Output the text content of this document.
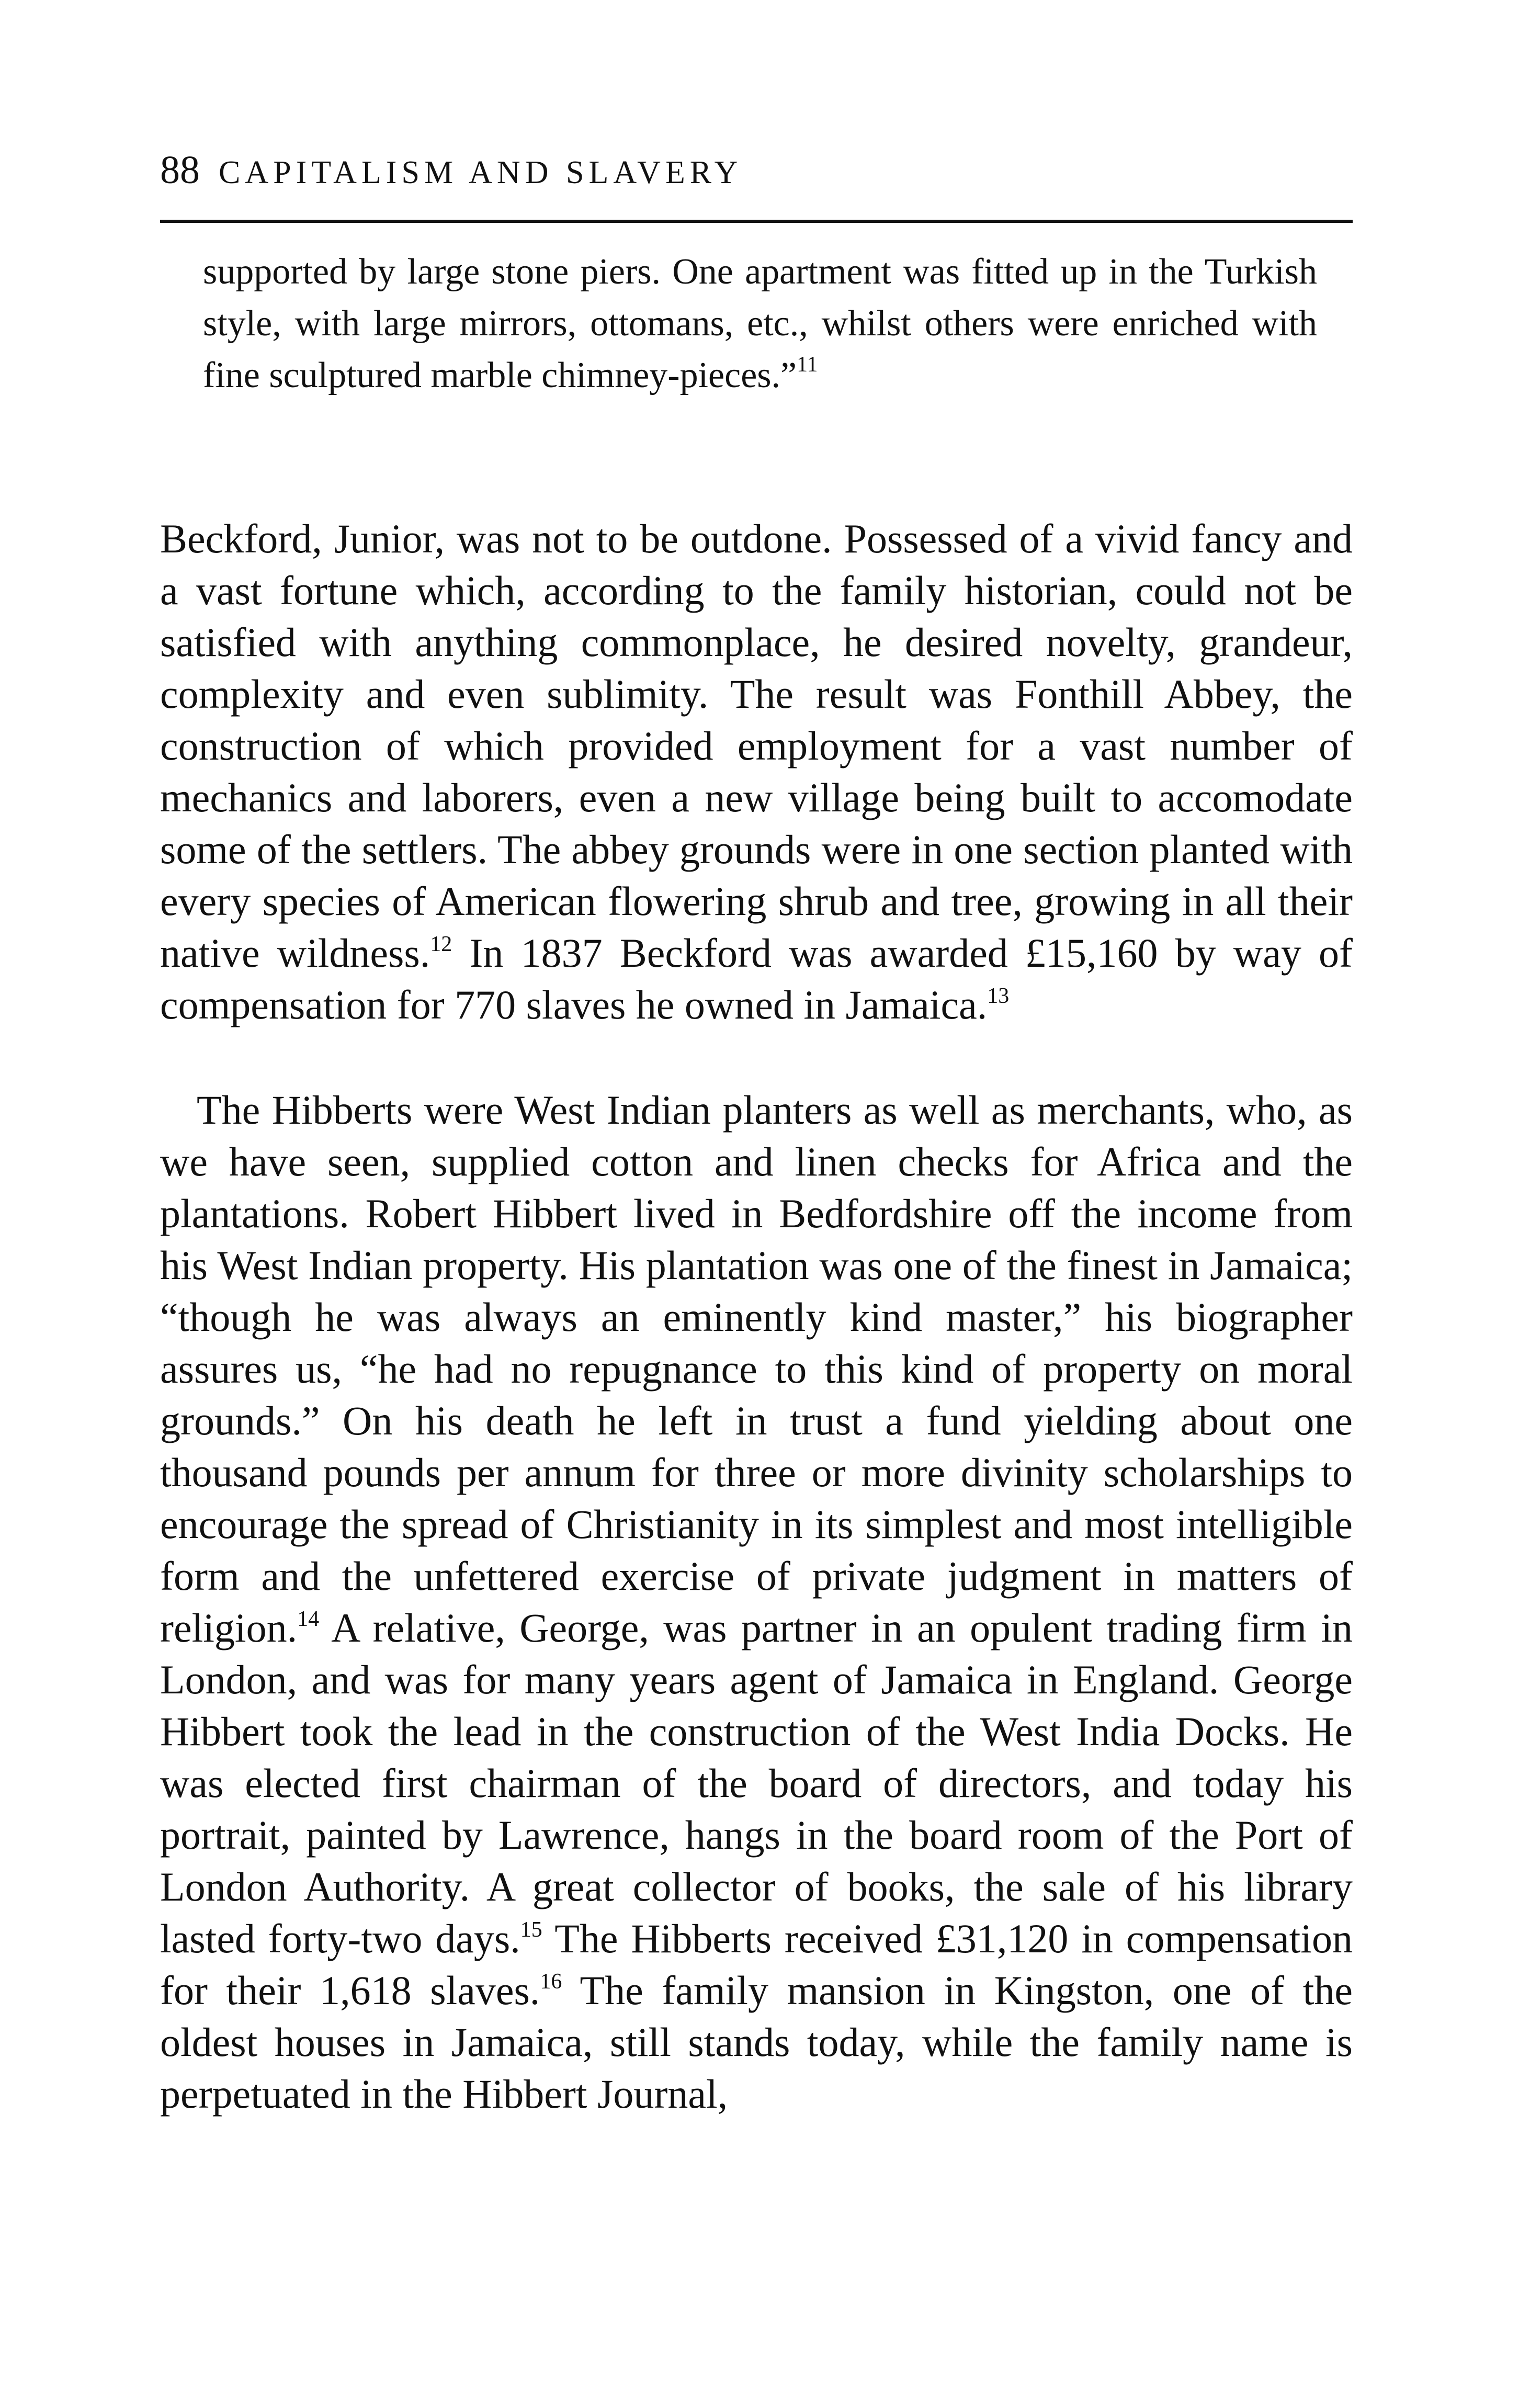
88 CAPITALISM AND SLAVERY
supported by large stone piers. One apartment was fitted up in the Turkish style, with large mirrors, ottomans, etc., whilst others were enriched with fine sculptured marble chimney-pieces.”$^{11}$
Beckford, Junior, was not to be outdone. Possessed of a vivid fancy and a vast fortune which, according to the family historian, could not be satisfied with anything commonplace, he desired novelty, grandeur, complexity and even sublimity. The result was Fonthill Abbey, the construction of which provided employment for a vast number of mechanics and laborers, even a new village being built to accomodate some of the settlers. The abbey grounds were in one section planted with every species of American flowering shrub and tree, growing in all their native wildness.$^{12}$ In 1837 Beckford was awarded £15,160 by way of compensation for 770 slaves he owned in Jamaica.$^{13}$
The Hibberts were West Indian planters as well as merchants, who, as we have seen, supplied cotton and linen checks for Africa and the plantations. Robert Hibbert lived in Bedfordshire off the income from his West Indian property. His plantation was one of the finest in Jamaica; “though he was always an eminently kind master,” his biographer assures us, “he had no repugnance to this kind of property on moral grounds.” On his death he left in trust a fund yielding about one thousand pounds per annum for three or more divinity scholarships to encourage the spread of Christianity in its simplest and most intelligible form and the unfettered exercise of private judgment in matters of religion.$^{14}$ A relative, George, was partner in an opulent trading firm in London, and was for many years agent of Jamaica in England. George Hibbert took the lead in the construction of the West India Docks. He was elected first chairman of the board of directors, and today his portrait, painted by Lawrence, hangs in the board room of the Port of London Authority. A great collector of books, the sale of his library lasted forty-two days.$^{15}$ The Hibberts received £31,120 in compensation for their 1,618 slaves.$^{16}$ The family mansion in Kingston, one of the oldest houses in Jamaica, still stands today, while the family name is perpetuated in the Hibbert Journal,
